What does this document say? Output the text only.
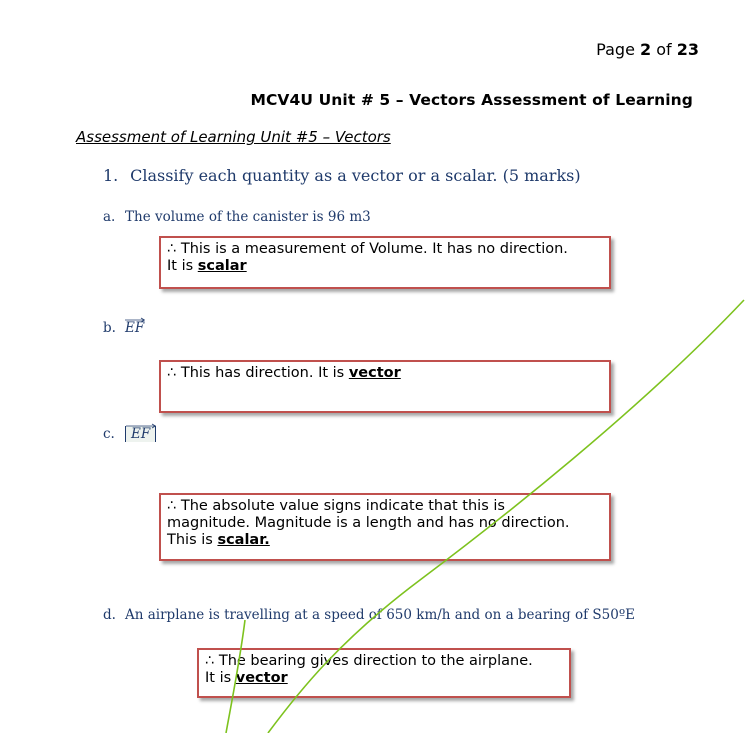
Page 2 of 23
MCV4U Unit # 5 – Vectors Assessment of Learning
Assessment of Learning Unit #5 – Vectors
1. Classify each quantity as a vector or a scalar. (5 marks)
a. The volume of the canister is 96 m3
∴ This is a measurement of Volume. It has no direction.
It is scalar
b. EF
∴ This has direction. It is vector
c. EF
∴ The absolute value signs indicate that this is
magnitude. Magnitude is a length and has no direction.
This is scalar.
d. An airplane is travelling at a speed of 650 km/h and on a bearing of S50ºE
∴ The bearing gives direction to the airplane.
It is vector
